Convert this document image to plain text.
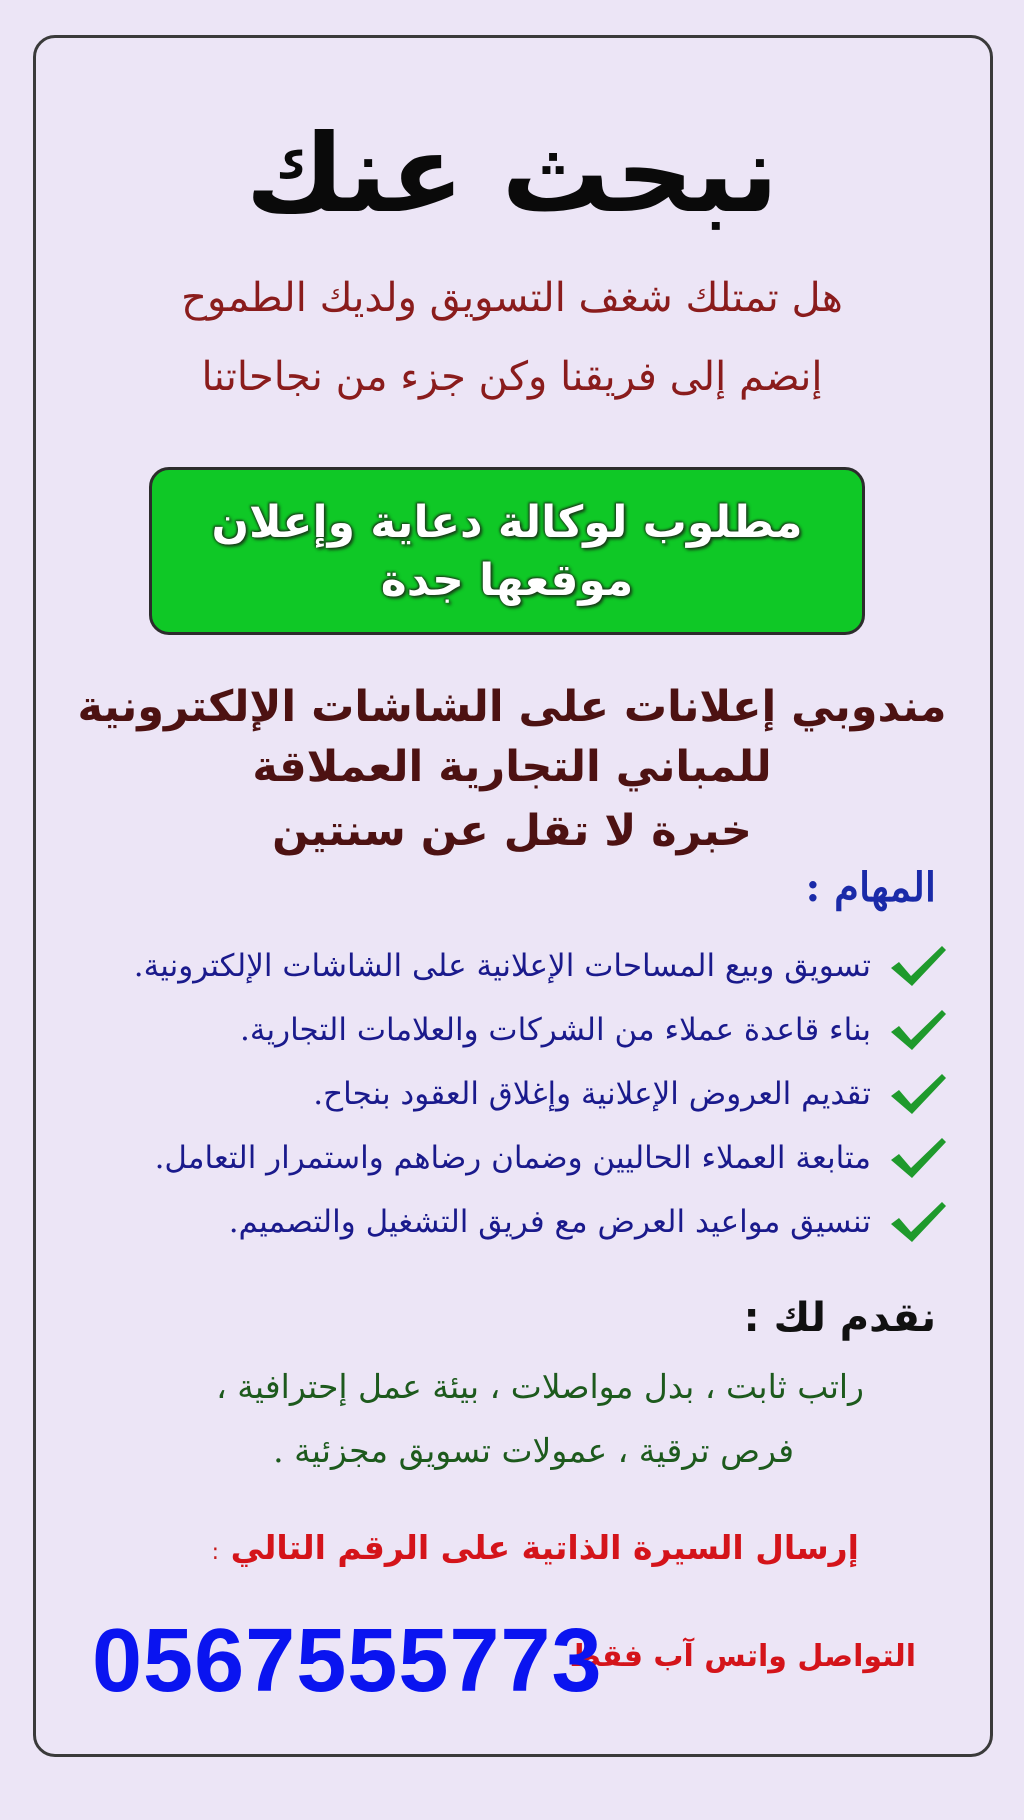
نبحث عنك

هل تمتلك شغف التسويق ولديك الطموح

إنضم إلى فريقنا وكن جزء من نجاحاتنا

مطلوب لوكالة دعاية وإعلان
موقعها جدة

مندوبي إعلانات على الشاشات الإلكترونية

للمباني التجارية العملاقة

خبرة لا تقل عن سنتين

المهام :
تسويق وبيع المساحات الإعلانية على الشاشات الإلكترونية.
بناء قاعدة عملاء من الشركات والعلامات التجارية.
تقديم العروض الإعلانية وإغلاق العقود بنجاح.
متابعة العملاء الحاليين وضمان رضاهم واستمرار التعامل.
تنسيق مواعيد العرض مع فريق التشغيل والتصميم.
نقدم لك :

راتب ثابت ، بدل مواصلات ، بيئة عمل إحترافية ،

فرص ترقية ، عمولات تسويق مجزئية .

إرسال السيرة الذاتية على الرقم التالي :

التواصل واتس آب فقط

0567555773
